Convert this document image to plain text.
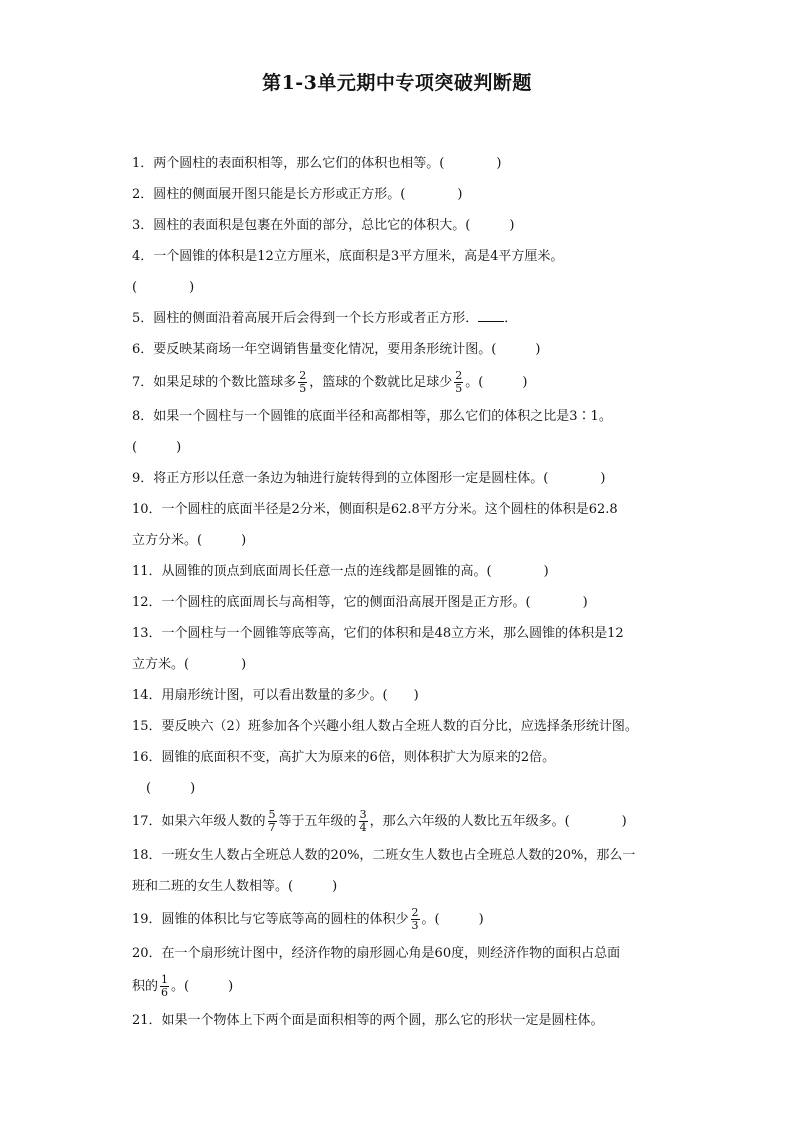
第1-3单元期中专项突破判断题
1．两个圆柱的表面积相等，那么它们的体积也相等。(　　　　)
2．圆柱的侧面展开图只能是长方形或正方形。(　　　　)
3．圆柱的表面积是包裹在外面的部分，总比它的体积大。(　　　)
4．一个圆锥的体积是12立方厘米，底面积是3平方厘米，高是4平方厘米。
(　　　　)
5．圆柱的侧面沿着高展开后会得到一个长方形或者正方形． ．
6．要反映某商场一年空调销售量变化情况，要用条形统计图。(　　　)
7．如果足球的个数比篮球多 $\frac{2}{5}$ ，篮球的个数就比足球少 $\frac{2}{5}$ 。(　　　)
8．如果一个圆柱与一个圆锥的底面半径和高都相等，那么它们的体积之比是3∶1。
(　　　)
9．将正方形以任意一条边为轴进行旋转得到的立体图形一定是圆柱体。(　　　　)
10．一个圆柱的底面半径是2分米，侧面积是62.8平方分米。这个圆柱的体积是62.8
立方分米。(　　　)
11．从圆锥的顶点到底面周长任意一点的连线都是圆锥的高。(　　　　)
12．一个圆柱的底面周长与高相等，它的侧面沿高展开图是正方形。(　　　　)
13．一个圆柱与一个圆锥等底等高，它们的体积和是48立方米，那么圆锥的体积是12
立方米。(　　　　)
14．用扇形统计图，可以看出数量的多少。(　　)
15．要反映六（2）班参加各个兴趣小组人数占全班人数的百分比，应选择条形统计图。
16．圆锥的底面积不变，高扩大为原来的6倍，则体积扩大为原来的2倍。
(　　　)
17．如果六年级人数的 $\frac{5}{7}$ 等于五年级的 $\frac{3}{4}$ ，那么六年级的人数比五年级多。(　　　　)
18．一班女生人数占全班总人数的20%，二班女生人数也占全班总人数的20%，那么一
班和二班的女生人数相等。(　　　)
19．圆锥的体积比与它等底等高的圆柱的体积少 $\frac{2}{3}$ 。(　　　)
20．在一个扇形统计图中，经济作物的扇形圆心角是60度，则经济作物的面积占总面
积的 $\frac{1}{6}$ 。(　　　)
21．如果一个物体上下两个面是面积相等的两个圆，那么它的形状一定是圆柱体。
